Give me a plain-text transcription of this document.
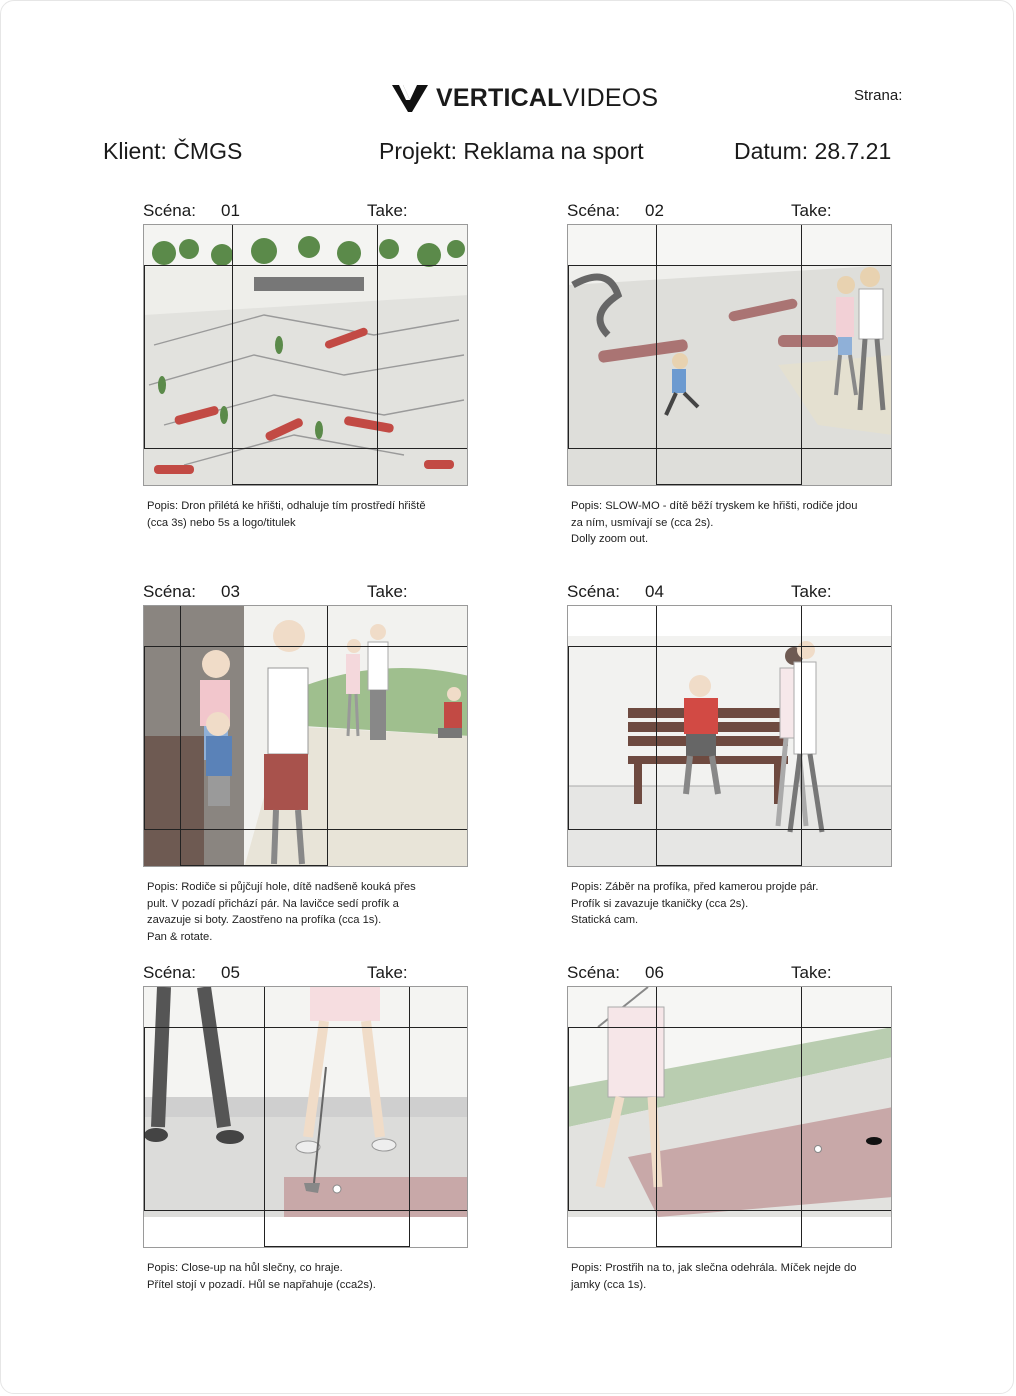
VERTICALVIDEOS	Strana:
Klient: ČMGS	Projekt: Reklama na sport	Datum: 28.7.21
Scéna: 01	Take:
Popis: Dron přilétá ke hřišti, odhaluje tím prostředí hřiště
(cca 3s) nebo 5s a logo/titulek
Scéna: 02	Take:
Popis: SLOW-MO - dítě běží tryskem ke hřišti, rodiče jdou
za ním, usmívají se (cca 2s).
Dolly zoom out.
Scéna: 03	Take:
Popis: Rodiče si půjčují hole, dítě nadšeně kouká přes
pult. V pozadí přichází pár. Na lavičce sedí profík a
zavazuje si boty. Zaostřeno na profíka (cca 1s).
Pan & rotate.
Scéna: 04	Take:
Popis: Záběr na profíka, před kamerou projde pár.
Profík si zavazuje tkaničky (cca 2s).
Statická cam.
Scéna: 05	Take:
Popis: Close-up na hůl slečny, co hraje.
Přítel stojí v pozadí. Hůl se napřahuje (cca2s).
Scéna: 06	Take:
Popis: Prostřih na to, jak slečna odehrála. Míček nejde do
jamky (cca 1s).
